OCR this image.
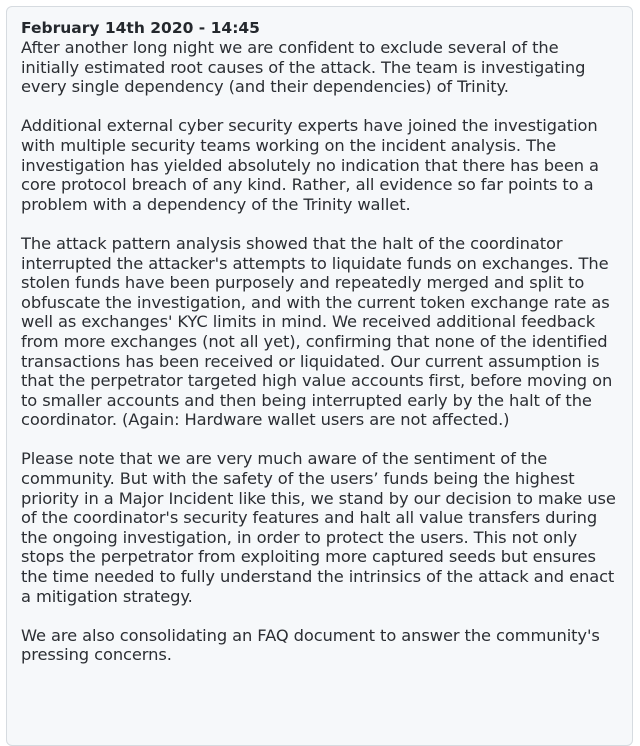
February 14th 2020 - 14:45

After another long night we are confident to exclude several of the initially estimated root causes of the attack. The team is investigating every single dependency (and their dependencies) of Trinity.

Additional external cyber security experts have joined the investigation with multiple security teams working on the incident analysis. The investigation has yielded absolutely no indication that there has been a core protocol breach of any kind. Rather, all evidence so far points to a problem with a dependency of the Trinity wallet.

The attack pattern analysis showed that the halt of the coordinator interrupted the attacker's attempts to liquidate funds on exchanges. The stolen funds have been purposely and repeatedly merged and split to obfuscate the investigation, and with the current token exchange rate as well as exchanges' KYC limits in mind. We received additional feedback from more exchanges (not all yet), confirming that none of the identified transactions has been received or liquidated. Our current assumption is that the perpetrator targeted high value accounts first, before moving on to smaller accounts and then being interrupted early by the halt of the coordinator. (Again: Hardware wallet users are not affected.)

Please note that we are very much aware of the sentiment of the community. But with the safety of the users’ funds being the highest priority in a Major Incident like this, we stand by our decision to make use of the coordinator's security features and halt all value transfers during the ongoing investigation, in order to protect the users. This not only stops the perpetrator from exploiting more captured seeds but ensures the time needed to fully understand the intrinsics of the attack and enact a mitigation strategy.

We are also consolidating an FAQ document to answer the community's pressing concerns.
